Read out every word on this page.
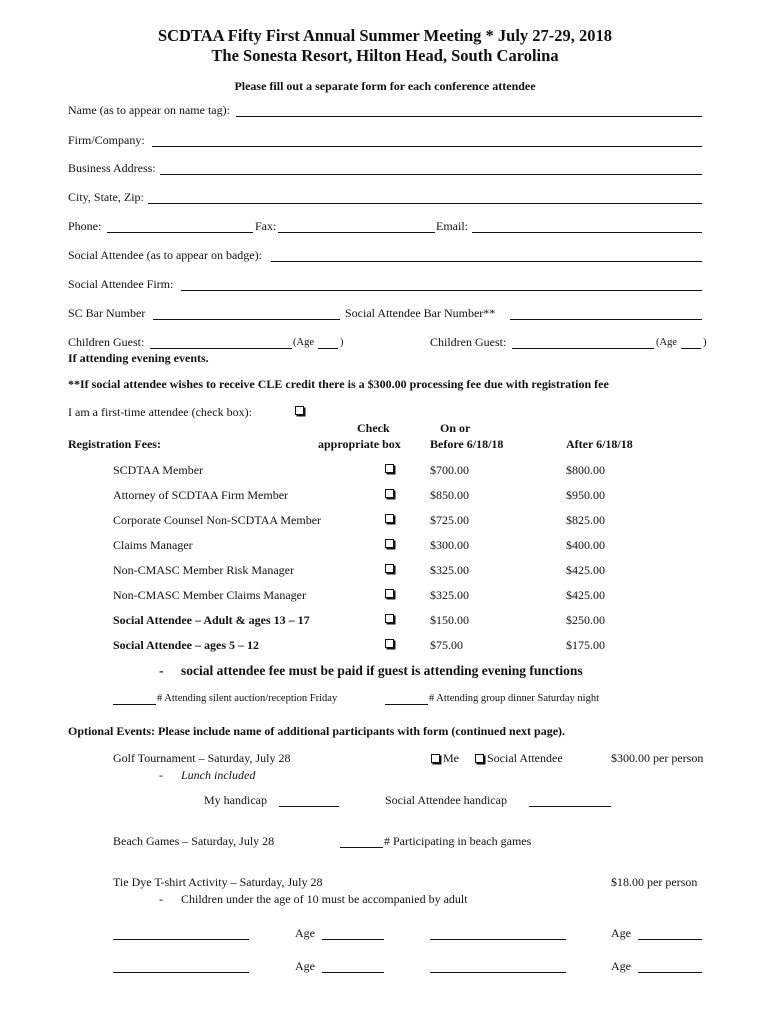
SCDTAA Fifty First Annual Summer Meeting * July 27-29, 2018
The Sonesta Resort, Hilton Head, South Carolina
Please fill out a separate form for each conference attendee
Name (as to appear on name tag):
Firm/Company:
Business Address:
City, State, Zip:
Phone:	Fax:	Email:
Social Attendee (as to appear on badge):
Social Attendee Firm:
SC Bar Number	Social Attendee Bar Number**
Children Guest:	(Age )	Children Guest:	(Age )
If attending evening events.
**If social attendee wishes to receive CLE credit there is a $300.00 processing fee due with registration fee
I am a first-time attendee (check box):
Check
appropriate box
On or
Before 6/18/18	After 6/18/18
Registration Fees:
SCDTAA Member	$700.00	$800.00
Attorney of SCDTAA Firm Member	$850.00	$950.00
Corporate Counsel Non-SCDTAA Member	$725.00	$825.00
Claims Manager	$300.00	$400.00
Non-CMASC Member Risk Manager	$325.00	$425.00
Non-CMASC Member Claims Manager	$325.00	$425.00
Social Attendee – Adult & ages 13 – 17	$150.00	$250.00
Social Attendee – ages 5 – 12	$75.00	$175.00
- social attendee fee must be paid if guest is attending evening functions
# Attending silent auction/reception Friday	# Attending group dinner Saturday night
Optional Events: Please include name of additional participants with form (continued next page).
Golf Tournament – Saturday, July 28
- Lunch included
Me	Social Attendee	$300.00 per person
My handicap	Social Attendee handicap
Beach Games – Saturday, July 28	# Participating in beach games
Tie Dye T-shirt Activity – Saturday, July 28	$18.00 per person
- Children under the age of 10 must be accompanied by adult
Age	Age
Age	Age
